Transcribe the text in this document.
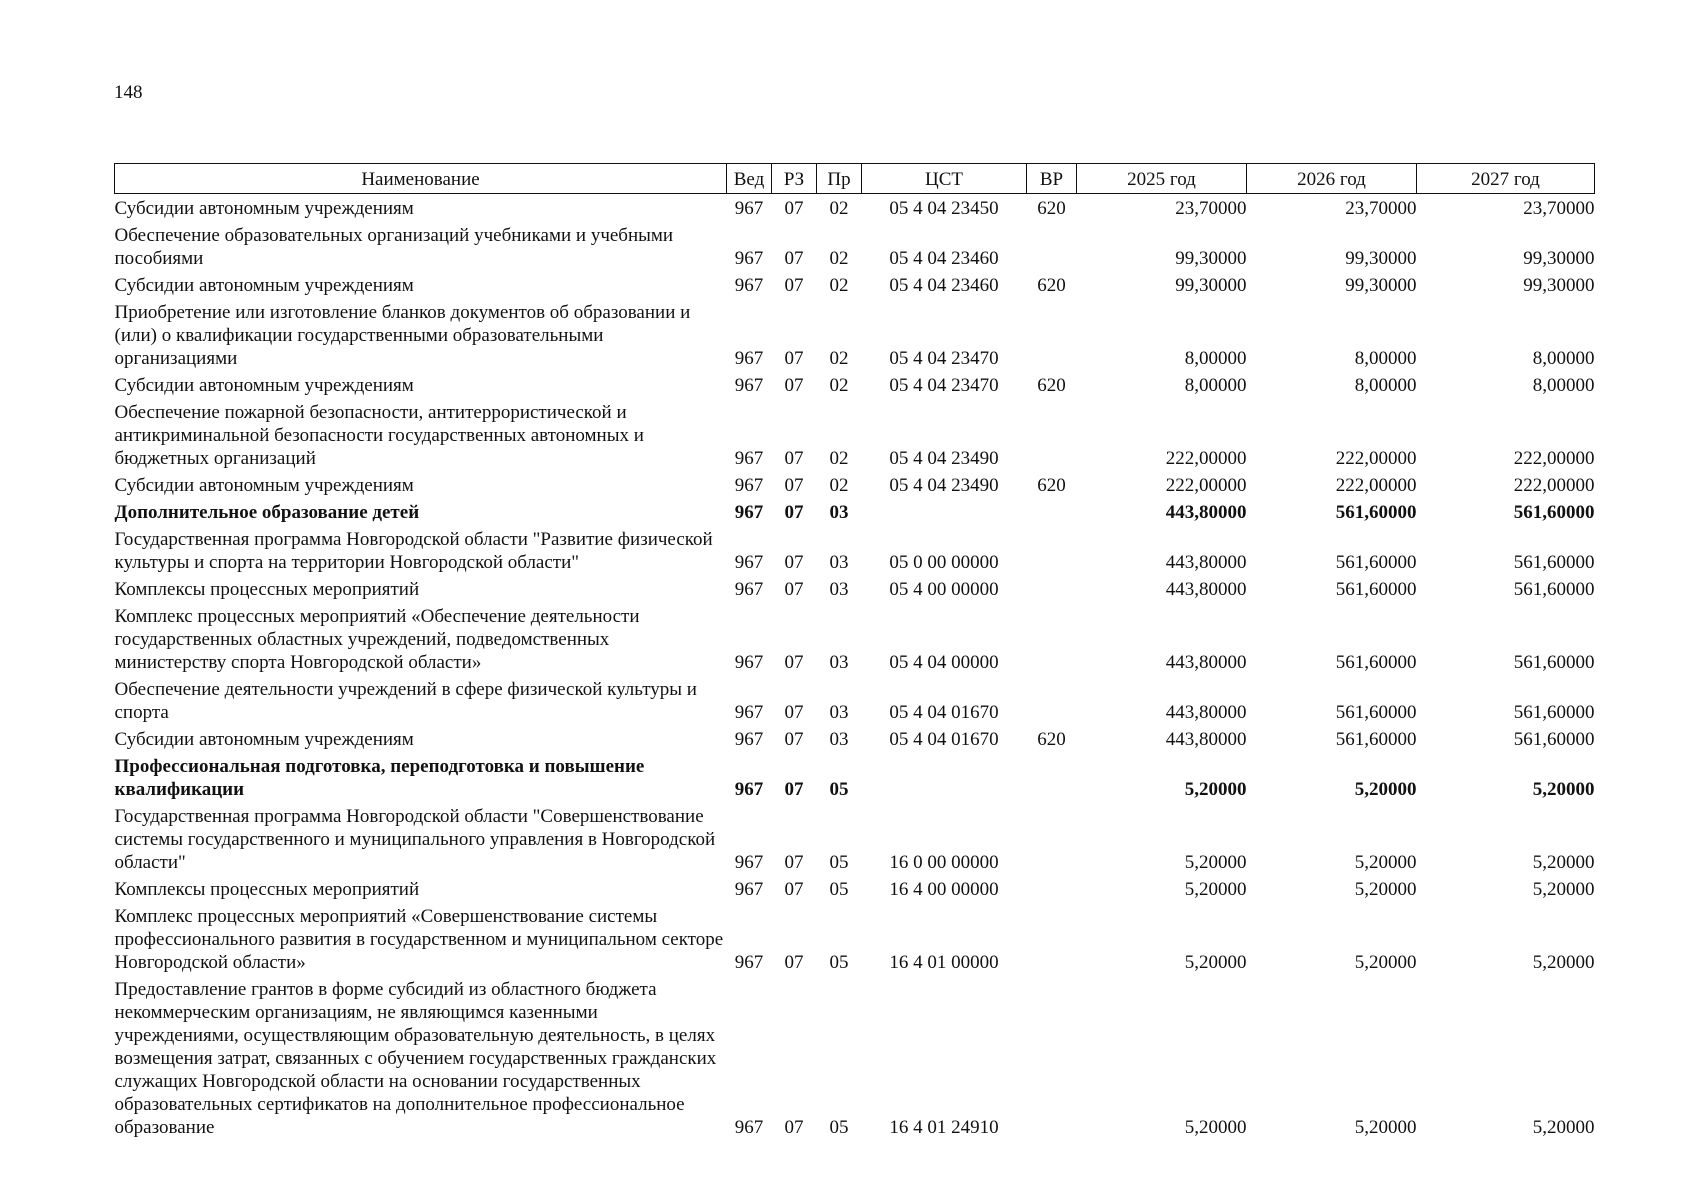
148
Наименование	Вед	РЗ	Пр	ЦСТ	ВР	2025 год	2026 год	2027 год
Субсидии автономным учреждениям	967	07	02	05 4 04 23450	620	23,70000	23,70000	23,70000
Обеспечение образовательных организаций учебниками и учебными пособиями	967	07	02	05 4 04 23460		99,30000	99,30000	99,30000
Субсидии автономным учреждениям	967	07	02	05 4 04 23460	620	99,30000	99,30000	99,30000
Приобретение или изготовление бланков документов об образовании и (или) о квалификации государственными образовательными организациями	967	07	02	05 4 04 23470		8,00000	8,00000	8,00000
Субсидии автономным учреждениям	967	07	02	05 4 04 23470	620	8,00000	8,00000	8,00000
Обеспечение пожарной безопасности, антитеррористической и антикриминальной безопасности государственных автономных и бюджетных организаций	967	07	02	05 4 04 23490		222,00000	222,00000	222,00000
Субсидии автономным учреждениям	967	07	02	05 4 04 23490	620	222,00000	222,00000	222,00000
Дополнительное образование детей	967	07	03			443,80000	561,60000	561,60000
Государственная программа Новгородской области "Развитие физической культуры и спорта на территории Новгородской области"	967	07	03	05 0 00 00000		443,80000	561,60000	561,60000
Комплексы процессных мероприятий	967	07	03	05 4 00 00000		443,80000	561,60000	561,60000
Комплекс процессных мероприятий «Обеспечение деятельности государственных областных учреждений, подведомственных министерству спорта Новгородской области»	967	07	03	05 4 04 00000		443,80000	561,60000	561,60000
Обеспечение деятельности учреждений в сфере физической культуры и спорта	967	07	03	05 4 04 01670		443,80000	561,60000	561,60000
Субсидии автономным учреждениям	967	07	03	05 4 04 01670	620	443,80000	561,60000	561,60000
Профессиональная подготовка, переподготовка и повышение квалификации	967	07	05			5,20000	5,20000	5,20000
Государственная программа Новгородской области "Совершенствование системы государственного и муниципального управления в Новгородской области"	967	07	05	16 0 00 00000		5,20000	5,20000	5,20000
Комплексы процессных мероприятий	967	07	05	16 4 00 00000		5,20000	5,20000	5,20000
Комплекс процессных мероприятий «Совершенствование системы профессионального развития в государственном и муниципальном секторе Новгородской области»	967	07	05	16 4 01 00000		5,20000	5,20000	5,20000
Предоставление грантов в форме субсидий из областного бюджета некоммерческим организациям, не являющимся казенными учреждениями, осуществляющим образовательную деятельность, в целях возмещения затрат, связанных с обучением государственных гражданских служащих Новгородской области на основании государственных образовательных сертификатов на дополнительное профессиональное образование	967	07	05	16 4 01 24910		5,20000	5,20000	5,20000
